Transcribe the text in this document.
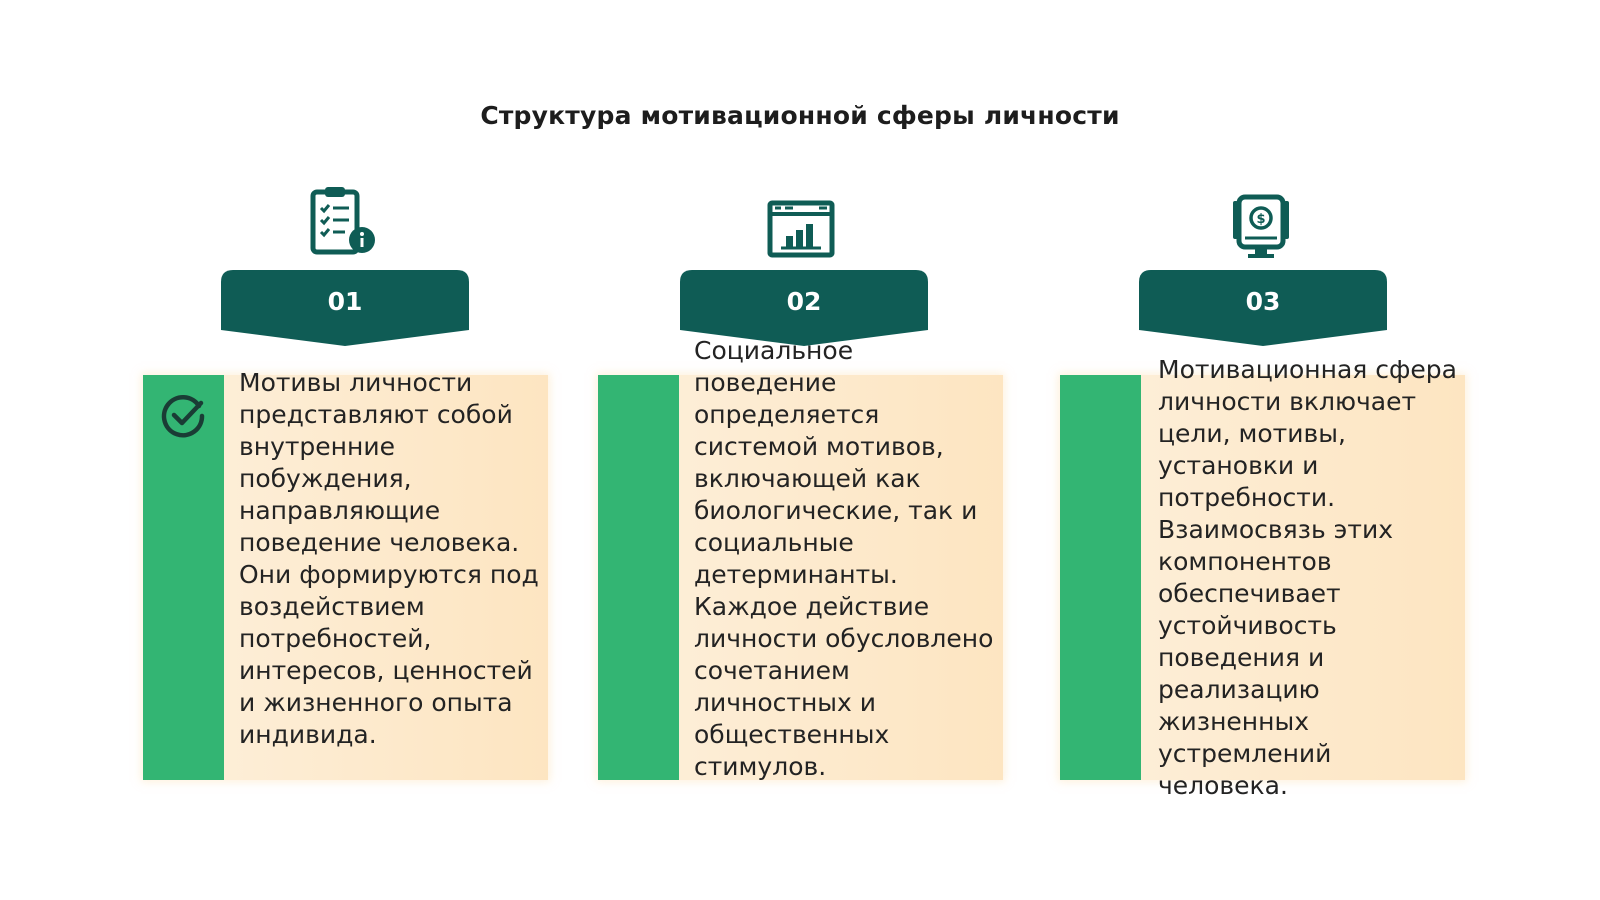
Структура мотивационной сферы личности
01

Мотивы личности представляют собой внутренние побуждения, направляющие поведение человека. Они формируются под воздействием потребностей, интересов, ценностей и жизненного опыта индивида.

02

Социальное поведение определяется системой мотивов, включающей как биологические, так и социальные детерминанты. Каждое действие личности обусловлено сочетанием личностных и общественных стимулов.

$
03

Мотивационная сфера личности включает цели, мотивы, установки и потребности. Взаимосвязь этих компонентов обеспечивает устойчивость поведения и реализацию жизненных устремлений человека.
